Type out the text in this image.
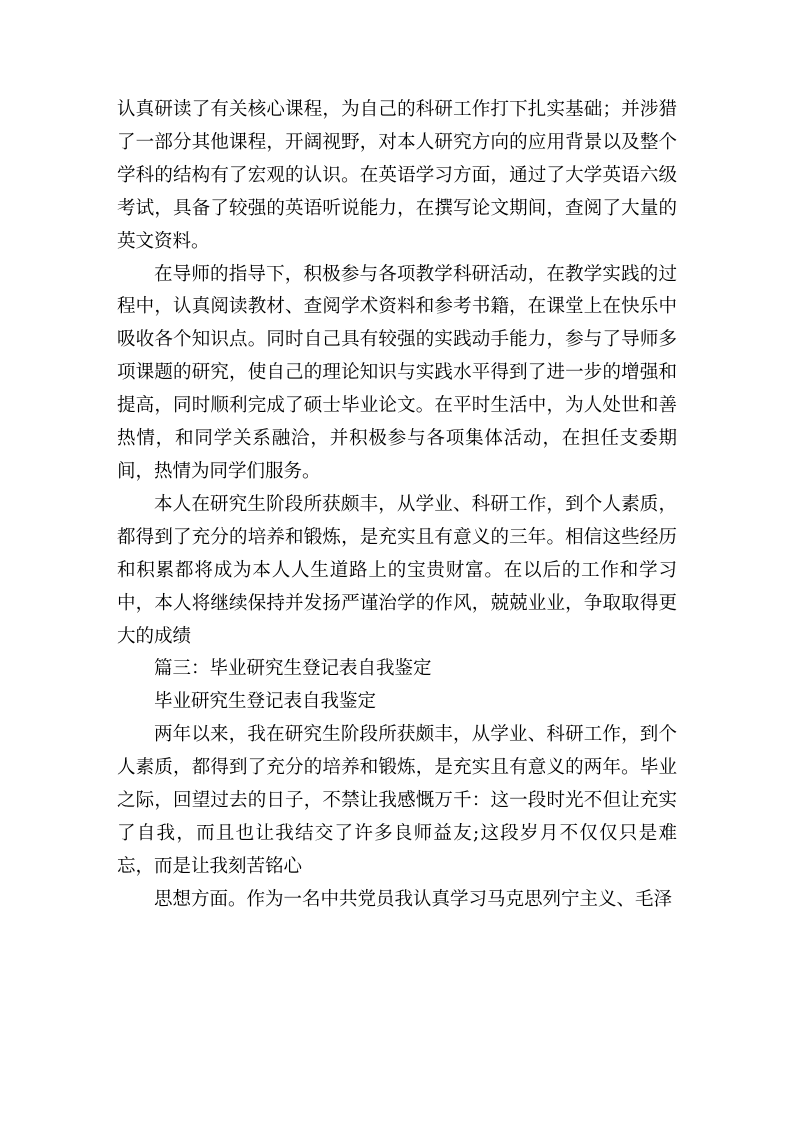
认真研读了有关核心课程，为自己的科研工作打下扎实基础；并涉猎了一部分其他课程，开阔视野，对本人研究方向的应用背景以及整个学科的结构有了宏观的认识。在英语学习方面，通过了大学英语六级考试，具备了较强的英语听说能力，在撰写论文期间，查阅了大量的英文资料。

在导师的指导下，积极参与各项教学科研活动，在教学实践的过程中，认真阅读教材、查阅学术资料和参考书籍，在课堂上在快乐中吸收各个知识点。同时自己具有较强的实践动手能力，参与了导师多项课题的研究，使自己的理论知识与实践水平得到了进一步的增强和提高，同时顺利完成了硕士毕业论文。在平时生活中，为人处世和善热情，和同学关系融洽，并积极参与各项集体活动，在担任支委期间，热情为同学们服务。

本人在研究生阶段所获颇丰，从学业、科研工作，到个人素质，都得到了充分的培养和锻炼，是充实且有意义的三年。相信这些经历和积累都将成为本人人生道路上的宝贵财富。在以后的工作和学习中，本人将继续保持并发扬严谨治学的作风，兢兢业业，争取取得更大的成绩

篇三：毕业研究生登记表自我鉴定

毕业研究生登记表自我鉴定

两年以来，我在研究生阶段所获颇丰，从学业、科研工作，到个人素质，都得到了充分的培养和锻炼，是充实且有意义的两年。毕业之际，回望过去的日子，不禁让我感慨万千：这一段时光不但让充实了自我，而且也让我结交了许多良师益友;这段岁月不仅仅只是难忘，而是让我刻苦铭心

思想方面。作为一名中共党员我认真学习马克思列宁主义、毛泽
